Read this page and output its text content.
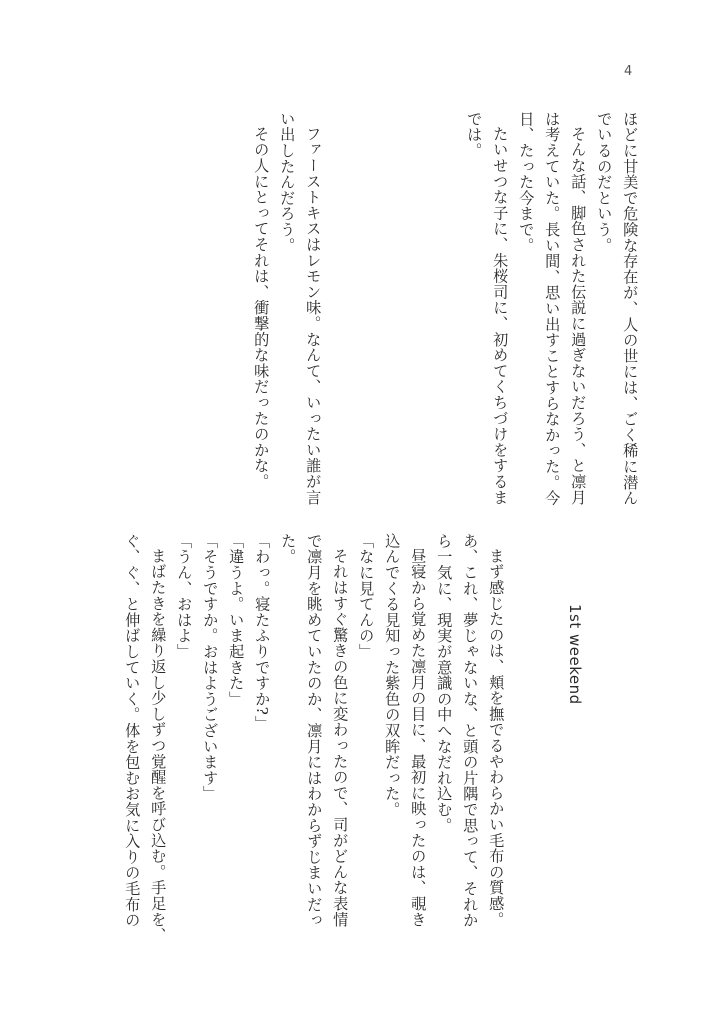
4
ほどに甘美で危険な存在が、人の世には、ごく稀に潜ん
でいるのだという。
そんな話、脚色された伝説に過ぎないだろう、と凛月
は考えていた。長い間、思い出すことすらなかった。今
日、たった今まで。
たいせつな子に、朱桜司に、初めてくちづけをするま
では。
ファーストキスはレモン味。なんて、いったい誰が言
い出したんだろう。
その人にとってそれは、衝撃的な味だったのかな。
1st weekend
まず感じたのは、頬を撫でるやわらかい毛布の質感。
あ、これ、夢じゃないな、と頭の片隅で思って、それか
ら一気に、現実が意識の中へなだれ込む。
昼寝から覚めた凛月の目に、最初に映ったのは、覗き
込んでくる見知った紫色の双眸だった。
「なに見てんの」
それはすぐ驚きの色に変わったので、司がどんな表情
で凛月を眺めていたのか、凛月にはわからずじまいだっ
た。
「わっ。寝たふりですか?」
「違うよ。いま起きた」
「そうですか。おはようございます」
「うん、おはよ」
まばたきを繰り返し少しずつ覚醒を呼び込む。手足を、
ぐ、ぐ、と伸ばしていく。体を包むお気に入りの毛布の
